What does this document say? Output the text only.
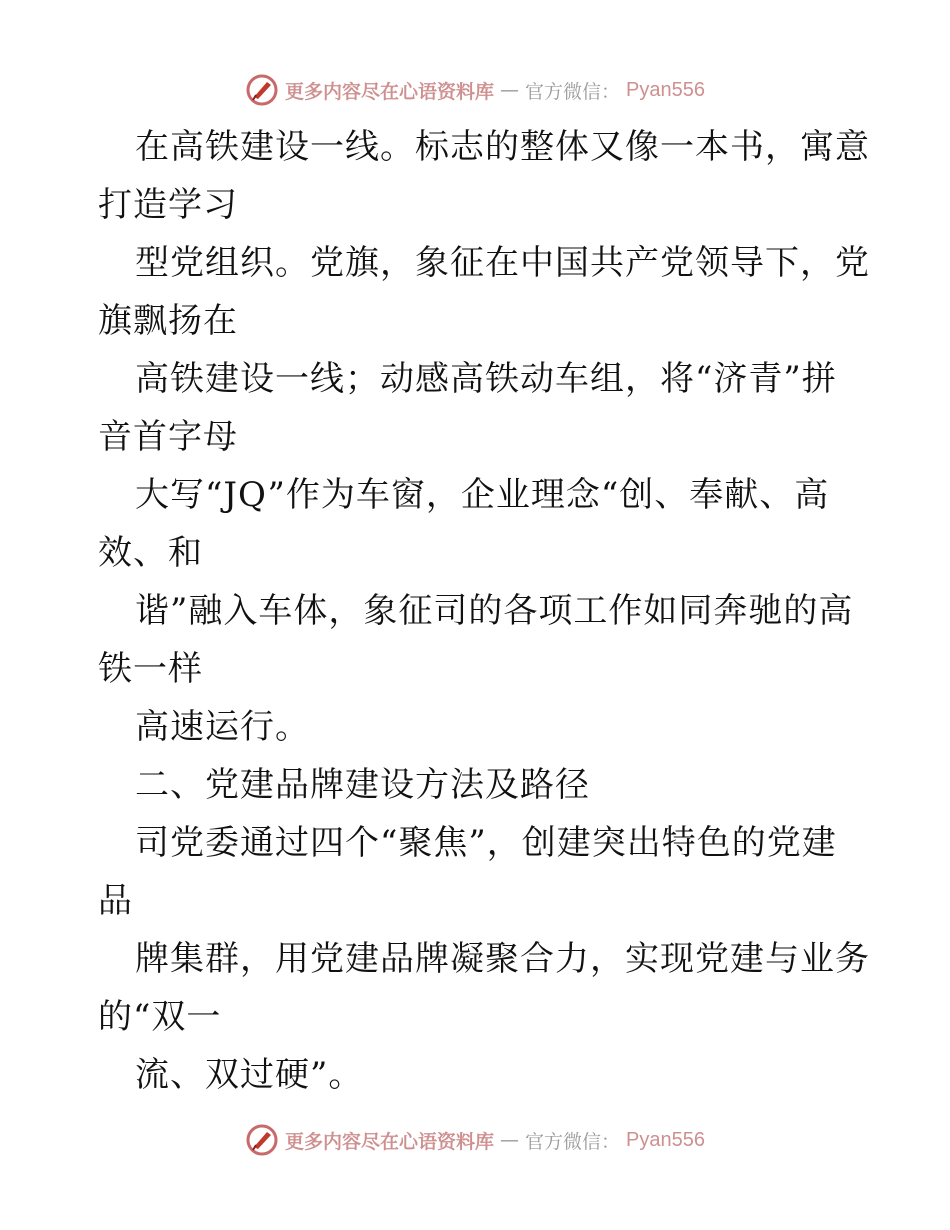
更多内容尽在心语资料库 — 官方微信： Pyan556
在高铁建设一线。标志的整体又像一本书，寓意
打造学习
型党组织。党旗，象征在中国共产党领导下，党
旗飘扬在
高铁建设一线；动感高铁动车组，将“济青”拼
音首字母
大写“JQ”作为车窗，企业理念“创、奉献、高
效、和
谐”融入车体，象征司的各项工作如同奔驰的高
铁一样
高速运行。
二、党建品牌建设方法及路径
司党委通过四个“聚焦”，创建突出特色的党建
品
牌集群，用党建品牌凝聚合力，实现党建与业务
的“双一
流、双过硬”。
更多内容尽在心语资料库 — 官方微信： Pyan556
